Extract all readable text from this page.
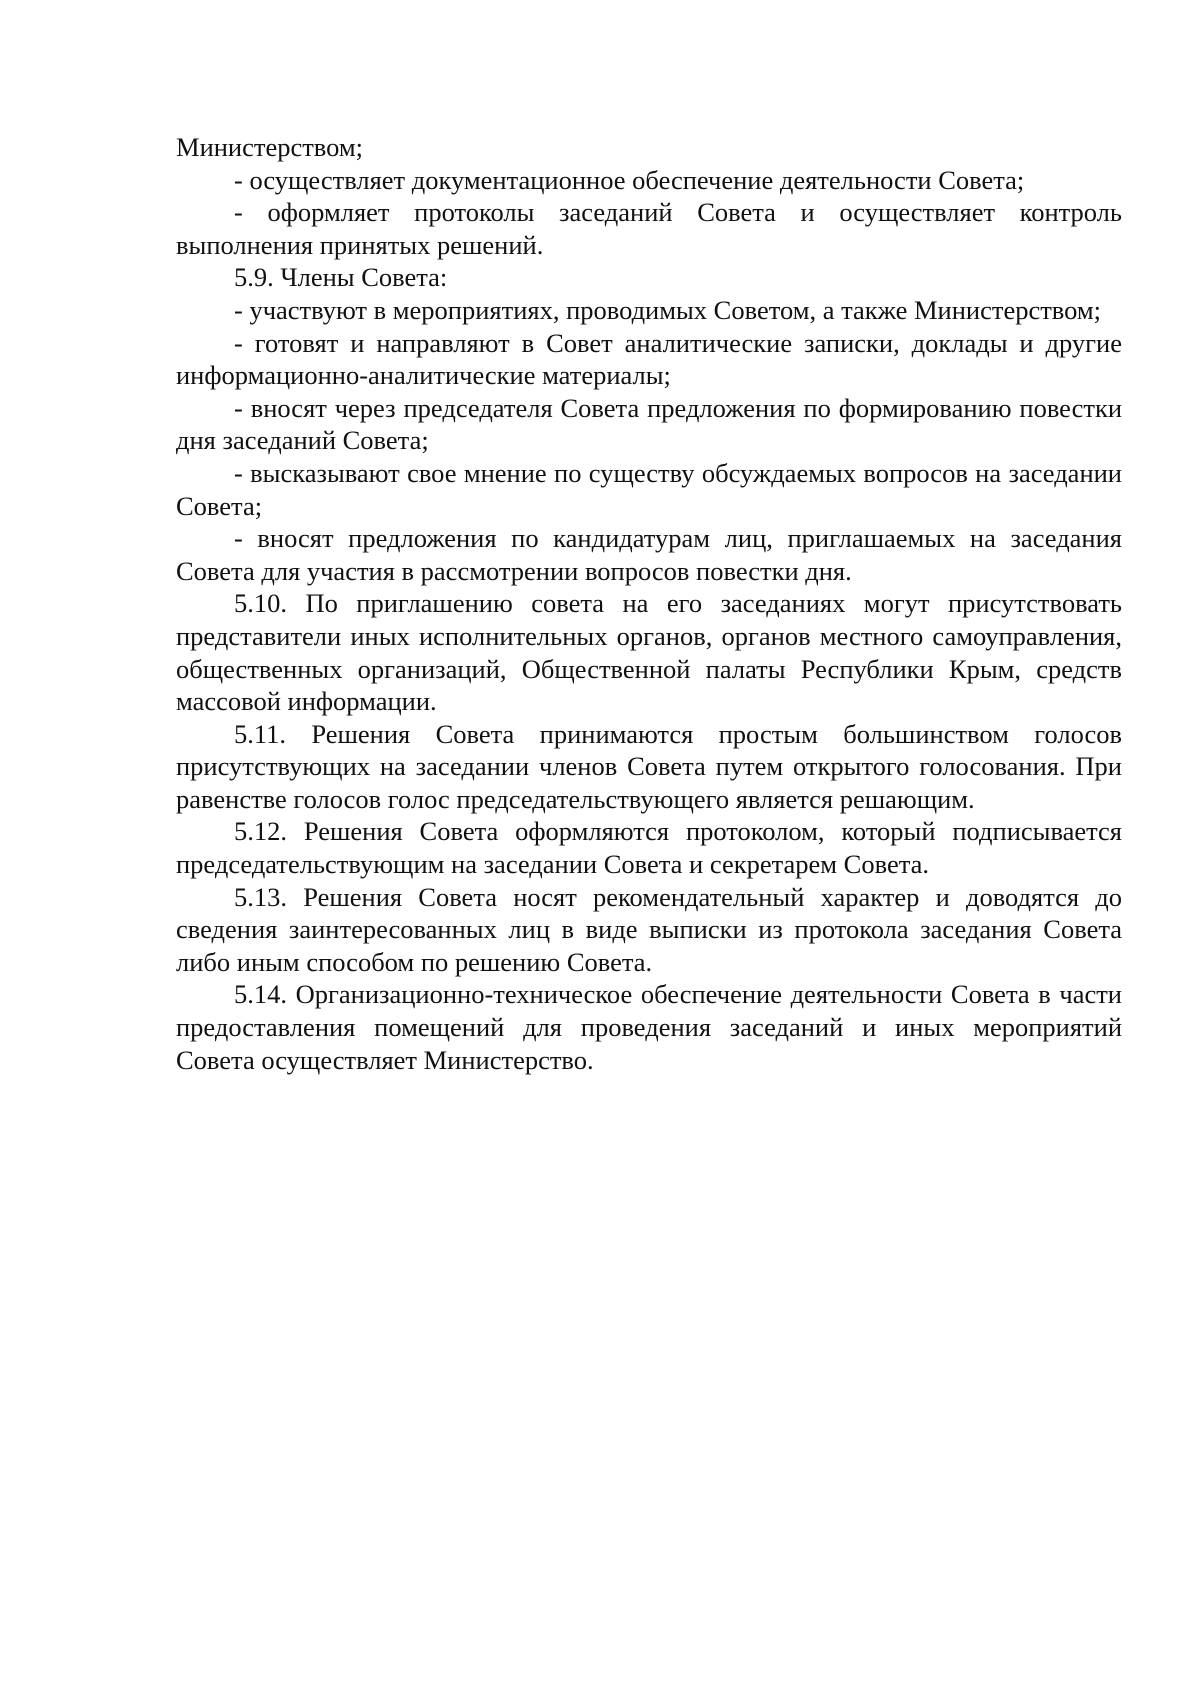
Министерством;

- осуществляет документационное обеспечение деятельности Совета;

- оформляет протоколы заседаний Совета и осуществляет контроль выполнения принятых решений.

5.9. Члены Совета:

- участвуют в мероприятиях, проводимых Советом, а также Министерством;

- готовят и направляют в Совет аналитические записки, доклады и другие информационно-аналитические материалы;

- вносят через председателя Совета предложения по формированию повестки дня заседаний Совета;

- высказывают свое мнение по существу обсуждаемых вопросов на заседании Совета;

- вносят предложения по кандидатурам лиц, приглашаемых на заседания Совета для участия в рассмотрении вопросов повестки дня.

5.10. По приглашению совета на его заседаниях могут присутствовать представители иных исполнительных органов, органов местного самоуправления, общественных организаций, Общественной палаты Республики Крым, средств массовой информации.

5.11. Решения Совета принимаются простым большинством голосов присутствующих на заседании членов Совета путем открытого голосования. При равенстве голосов голос председательствующего является решающим.

5.12. Решения Совета оформляются протоколом, который подписывается председательствующим на заседании Совета и секретарем Совета.

5.13. Решения Совета носят рекомендательный характер и доводятся до сведения заинтересованных лиц в виде выписки из протокола заседания Совета либо иным способом по решению Совета.

5.14. Организационно-техническое обеспечение деятельности Совета в части предоставления помещений для проведения заседаний и иных мероприятий Совета осуществляет Министерство.
